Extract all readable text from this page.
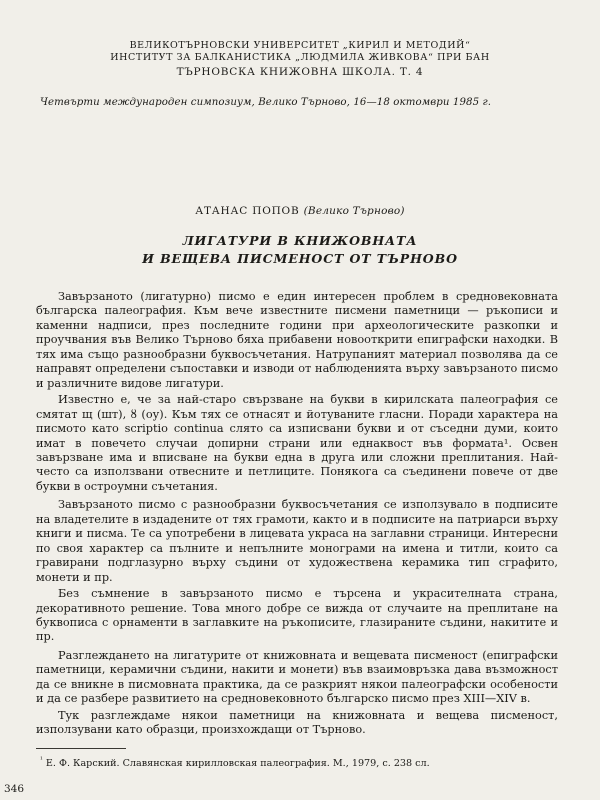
ВЕЛИКОТЪРНОВСКИ УНИВЕРСИТЕТ „КИРИЛ И МЕТОДИЙ“
ИНСТИТУТ ЗА БАЛКАНИСТИКА „ЛЮДМИЛА ЖИВКОВА“ ПРИ БАН
ТЪРНОВСКА КНИЖОВНА ШКОЛА. Т. 4
Четвърти международен симпозиум, Велико Търново, 16—18 октомври 1985 г.
АТАНАС ПОПОВ (Велико Търново)
ЛИГАТУРИ В КНИЖОВНАТА
И ВЕЩЕВА ПИСМЕНОСТ ОТ ТЪРНОВО

Завързаното (лигатурно) писмо е един интересен проблем в средновековната българска палеография. Към вече известните писмени паметници — ръкописи и каменни надписи, през последните години при археологическите разкопки и проучвания във Велико Търново бяха прибавени новооткрити епиграфски находки. В тях има също разнообразни буквосъчетания. Натрупаният материал позволява да се направят определени съпоставки и изводи от наблюденията върху завързаното писмо и различните видове лигатури.

Известно е, че за най-старо свързване на букви в кирилската палеография се смятат щ (шт), ȣ (оу). Към тях се отнасят и йотуваните гласни. Поради характера на писмото като scriptio continua слято са изписвани букви и от съседни думи, които имат в повечето случаи допирни страни или еднаквост във формата¹. Освен завързване има и вписване на букви една в друга или сложни преплитания. Най-често са използвани отвесните и петлиците. Понякога са съединени повече от две букви в остроумни съчетания.

Завързаното писмо с разнообразни буквосъчетания се използувало в подписите на владетелите в издадените от тях грамоти, както и в подписите на патриарси върху книги и писма. Те са употребени в лицевата украса на заглавни страници. Интересни по своя характер са пълните и непълните монограми на имена и титли, които са гравирани подглазурно върху съдини от художествена керамика тип сграфито, монети и пр.

Без съмнение в завързаното писмо е търсена и украсителната страна, декоративното решение. Това много добре се вижда от случаите на преплитане на буквописа с орнаменти в заглавките на ръкописите, глазираните съдини, накитите и пр.

Разглеждането на лигатурите от книжовната и вещевата писменост (епиграфски паметници, керамични съдини, накити и монети) във взаимовръзка дава възможност да се вникне в писмовната практика, да се разкрият някои палеографски особености и да се разбере развитието на средновековното българско писмо през XIII—XIV в.

Тук разглеждаме някои паметници на книжовната и вещева писменост, използувани като образци, произхождащи от Търново.

$^{^1}$ Е. Ф. Карский. Славянская кирилловская палеография. М., 1979, с. 238 сл.
346
